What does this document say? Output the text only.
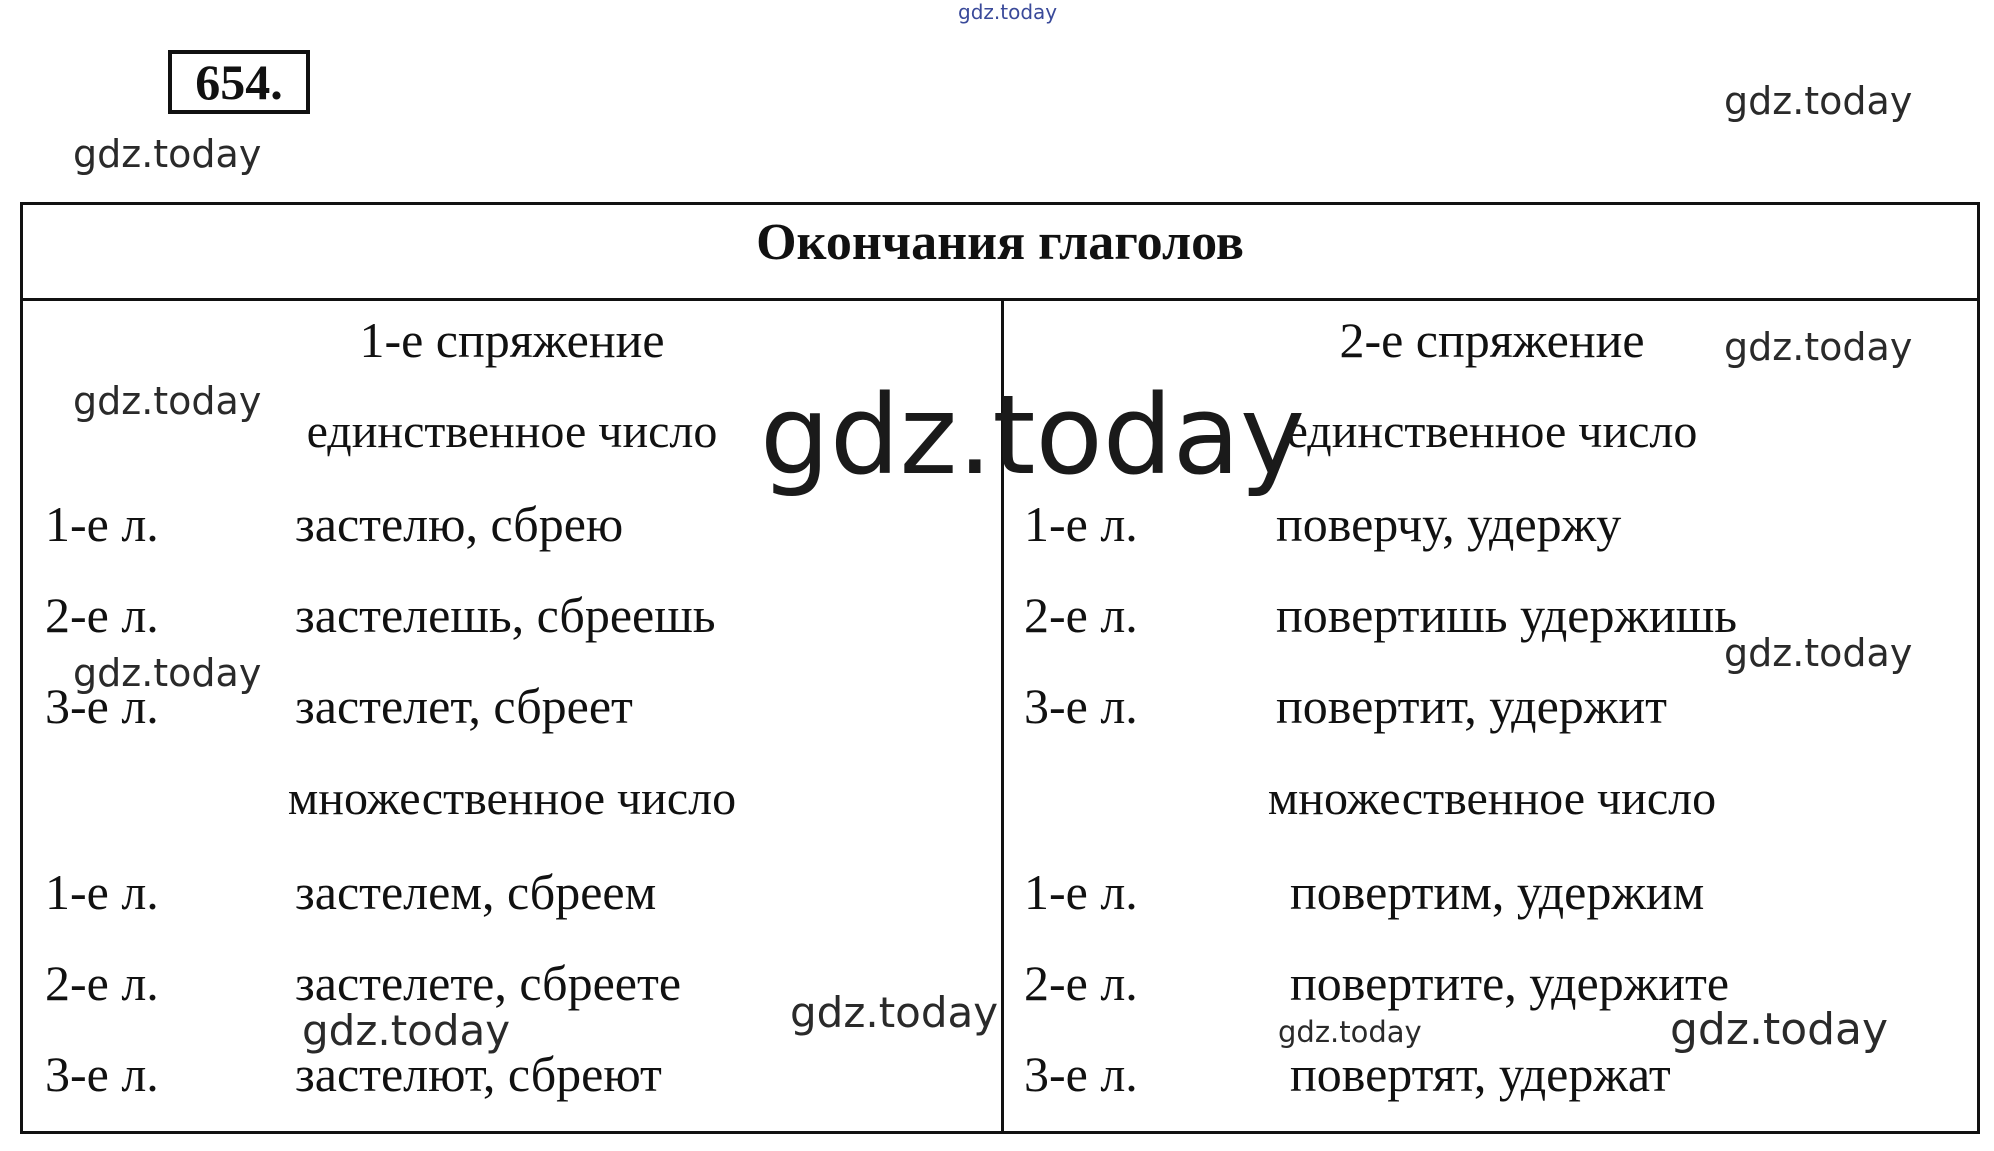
gdz.today
gdz.today
gdz.today
gdz.today
gdz.today	gdz.today
gdz.today
gdz.today
gdz.today	gdz.today	gdz.today	gdz.today
654.
Окончания глаголов
1-е спряжение
единственное число
1-е л.	застелю, сбрею
2-е л.	застелешь, сбреешь
3-е л.	застелет, сбреет
множественное число
1-е л.	застелем, сбреем
2-е л.	застелете, сбреете
3-е л.	застелют, сбреют
2-е спряжение
единственное число
1-е л.	поверчу, удержу
2-е л.	повертишь удержишь
3-е л.	повертит, удержит
множественное число
1-е л.	повертим, удержим
2-е л.	повертите, удержите
3-е л.	повертят, удержат
